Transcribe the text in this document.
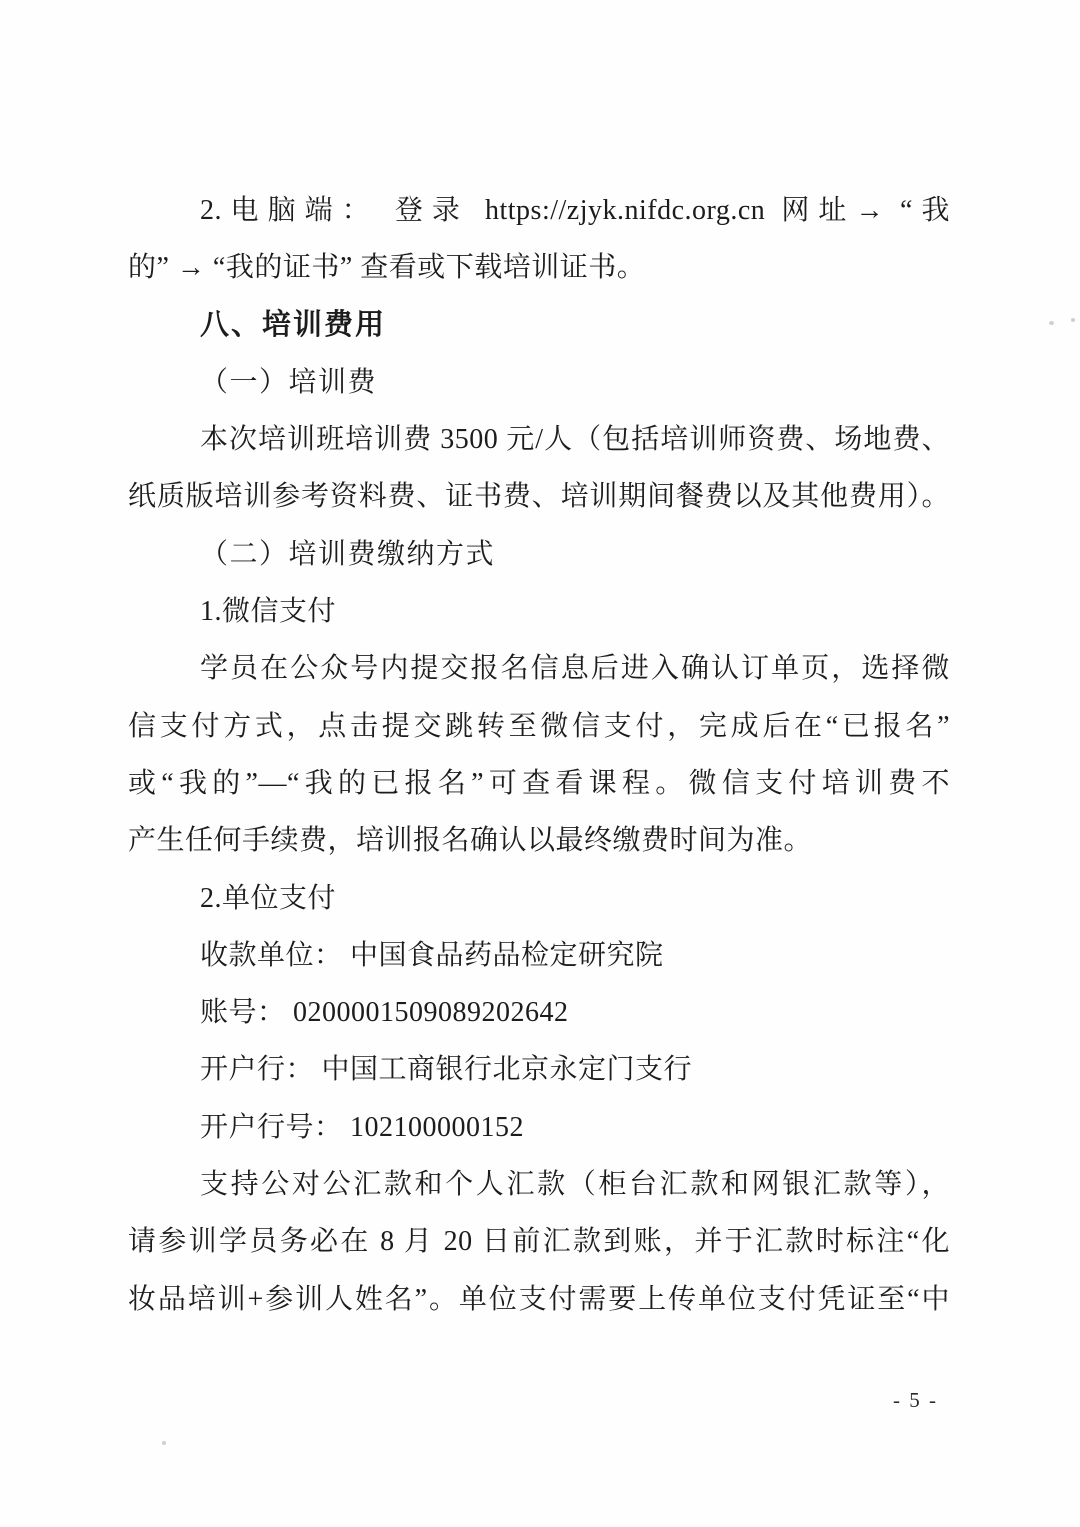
2.电脑端： 登录 https://zjyk.nifdc.org.cn 网址→ “我

的” → “我的证书” 查看或下载培训证书。

八、培训费用

（一）培训费

本次培训班培训费 3500 元/人（包括培训师资费、场地费、

纸质版培训参考资料费、证书费、培训期间餐费以及其他费用）。

（二）培训费缴纳方式

1.微信支付

学员在公众号内提交报名信息后进入确认订单页，选择微

信支付方式，点击提交跳转至微信支付，完成后在“已报名”

或“我的”—“我的已报名”可查看课程。微信支付培训费不

产生任何手续费，培训报名确认以最终缴费时间为准。

2.单位支付

收款单位： 中国食品药品检定研究院

账号： 0200001509089202642

开户行： 中国工商银行北京永定门支行

开户行号： 102100000152

支持公对公汇款和个人汇款（柜台汇款和网银汇款等），

请参训学员务必在 8 月 20 日前汇款到账，并于汇款时标注“化

妆品培训+参训人姓名”。单位支付需要上传单位支付凭证至“中

- 5 -
